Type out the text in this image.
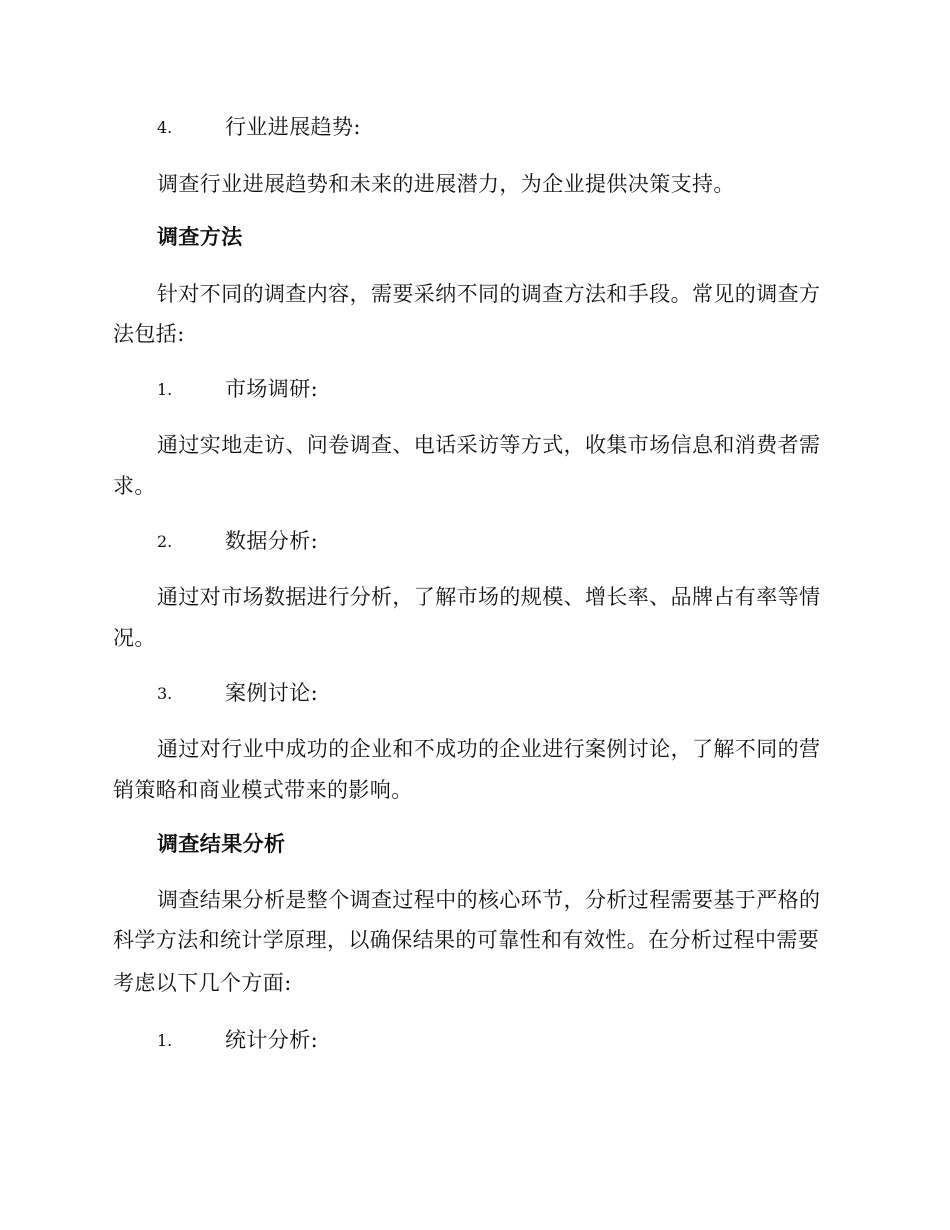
4.	行业进展趋势:
调查行业进展趋势和未来的进展潜力，为企业提供决策支持。
调查方法
针对不同的调查内容，需要采纳不同的调查方法和手段。常见的调查方
法包括:
1.	市场调研:
通过实地走访、问卷调查、电话采访等方式，收集市场信息和消费者需
求。
2.	数据分析:
通过对市场数据进行分析，了解市场的规模、增长率、品牌占有率等情
况。
3.	案例讨论:
通过对行业中成功的企业和不成功的企业进行案例讨论，了解不同的营
销策略和商业模式带来的影响。
调查结果分析
调查结果分析是整个调查过程中的核心环节，分析过程需要基于严格的
科学方法和统计学原理，以确保结果的可靠性和有效性。在分析过程中需要
考虑以下几个方面:
1.	统计分析:
